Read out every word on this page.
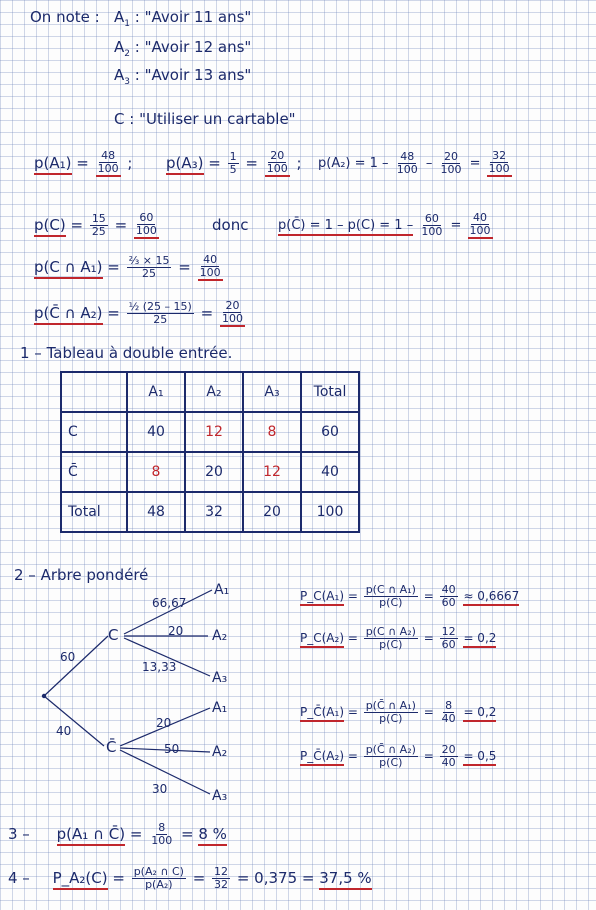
On note : $A_1$ : "Avoir 11 ans"
$A_2$ : "Avoir 12 ans"
$A_3$ : "Avoir 13 ans"
C : "Utiliser un cartable"
$p(A_1) = \frac{48}{100}$ ; $p(A_3) = \frac{1}{5} = \frac{20}{100}$ ; $p(A_2) = 1 - \frac{48}{100} - \frac{20}{100} = \frac{32}{100}$
$p(C) = \frac{15}{25} = \frac{60}{100}$	donc p(C̄) = $1 - p(C) = 1 - \frac{60}{100} = \frac{40}{100}$
p(C ∩ $A_1) = \frac{\text{⅔ × 15}}{25} = \frac{40}{100}$
p(C̄ ∩ $A_2) = \frac{\text{½ (25 – 15)}}{25} = \frac{20}{100}$
1 – Tableau à double entrée.
	A₁	A₂	A₃	Total
C	40	12	8	60
C̄	8	20	12	40
Total	48	32	20	100
2 – Arbre pondéré
60
40
C
C̄
66,67
20
13,33
A₁
A₂
A₃
20
50
30
A₁
A₂
A₃
P_C(A₁) = $\frac{\text{p(C ∩ A₁)}}{p(C)} = \frac{40}{60} \approx 0,6667$
P_C(A₂) = $\frac{\text{p(C ∩ A₂)}}{p(C)} = \frac{12}{60} = 0,2$
P_C̄(A₁) = $\frac{\text{p(C̄ ∩ A₁)}}{p(C̄)} = \frac{8}{40} = 0,2$
P_C̄(A₂) = $\frac{\text{p(C̄ ∩ A₂)}}{p(C̄)} = \frac{20}{40} = 0,5$
3 – p(A₁ ∩ C̄) = $\frac{8}{100} = 8$ %
4 – P_A₂(C) = $\frac{\text{p(A₂ ∩ C)}}{\text{p(A₂)}} = \frac{12}{32} = 0,375 = 37,5$ %
